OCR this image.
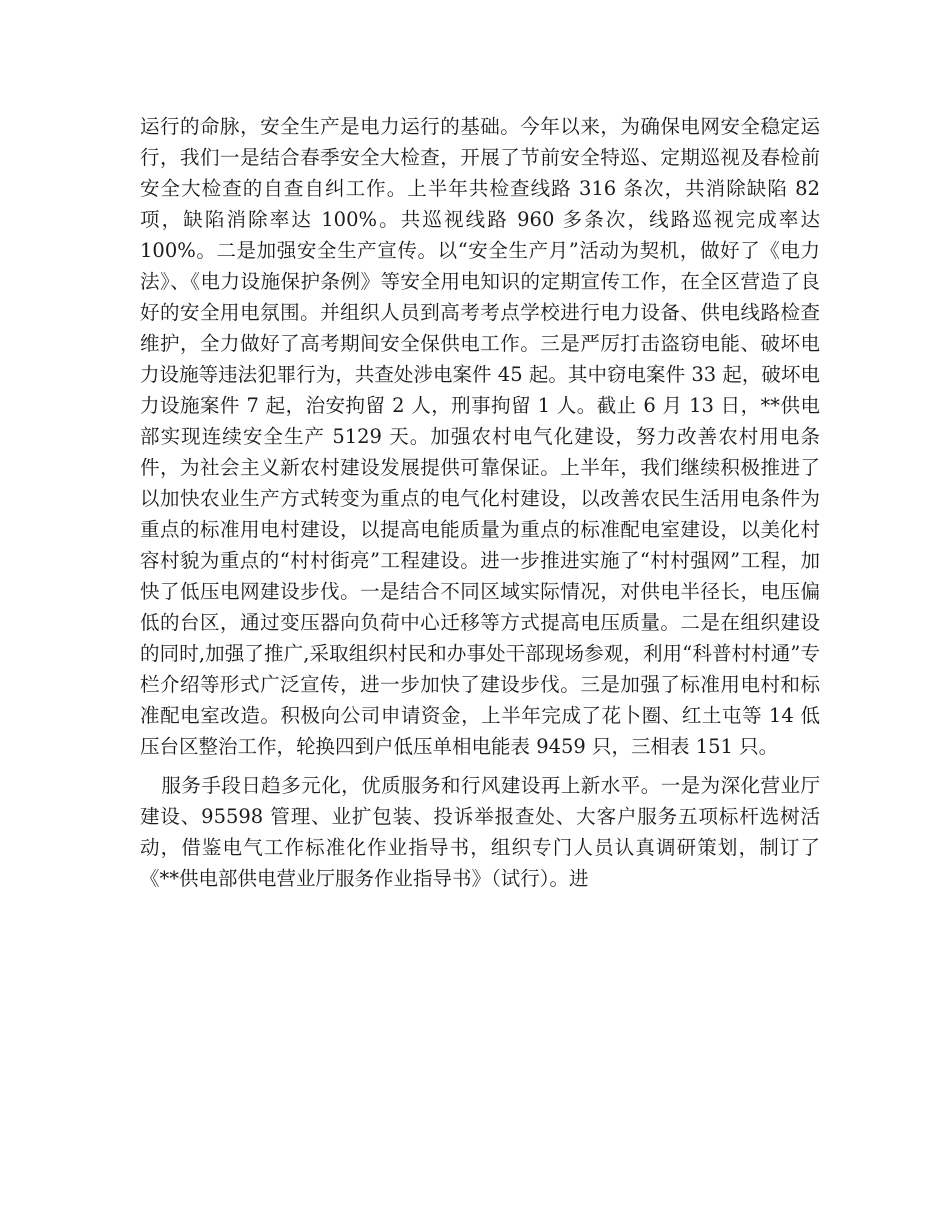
运行的命脉，安全生产是电力运行的基础。今年以来，为确保电网安全稳定运行，我们一是结合春季安全大检查，开展了节前安全特巡、定期巡视及春检前安全大检查的自查自纠工作。上半年共检查线路 316 条次，共消除缺陷 82 项，缺陷消除率达 100%。共巡视线路 960 多条次，线路巡视完成率达 100%。二是加强安全生产宣传。以“安全生产月”活动为契机，做好了《电力法》、《电力设施保护条例》等安全用电知识的定期宣传工作，在全区营造了良好的安全用电氛围。并组织人员到高考考点学校进行电力设备、供电线路检查维护，全力做好了高考期间安全保供电工作。三是严厉打击盗窃电能、破坏电力设施等违法犯罪行为，共查处涉电案件 45 起。其中窃电案件 33 起，破坏电力设施案件 7 起，治安拘留 2 人，刑事拘留 1 人。截止 6 月 13 日，**供电部实现连续安全生产 5129 天。加强农村电气化建设，努力改善农村用电条件，为社会主义新农村建设发展提供可靠保证。上半年，我们继续积极推进了以加快农业生产方式转变为重点的电气化村建设，以改善农民生活用电条件为重点的标准用电村建设，以提高电能质量为重点的标准配电室建设，以美化村容村貌为重点的“村村街亮”工程建设。进一步推进实施了“村村强网”工程，加快了低压电网建设步伐。一是结合不同区域实际情况，对供电半径长，电压偏低的台区，通过变压器向负荷中心迁移等方式提高电压质量。二是在组织建设的同时,加强了推广,采取组织村民和办事处干部现场参观，利用“科普村村通”专栏介绍等形式广泛宣传，进一步加快了建设步伐。三是加强了标准用电村和标准配电室改造。积极向公司申请资金，上半年完成了花卜圈、红土屯等 14 低压台区整治工作，轮换四到户低压单相电能表 9459 只，三相表 151 只。

服务手段日趋多元化，优质服务和行风建设再上新水平。一是为深化营业厅建设、95598 管理、业扩包装、投诉举报查处、大客户服务五项标杆选树活动，借鉴电气工作标准化作业指导书，组织专门人员认真调研策划，制订了《**供电部供电营业厅服务作业指导书》（试行）。进
